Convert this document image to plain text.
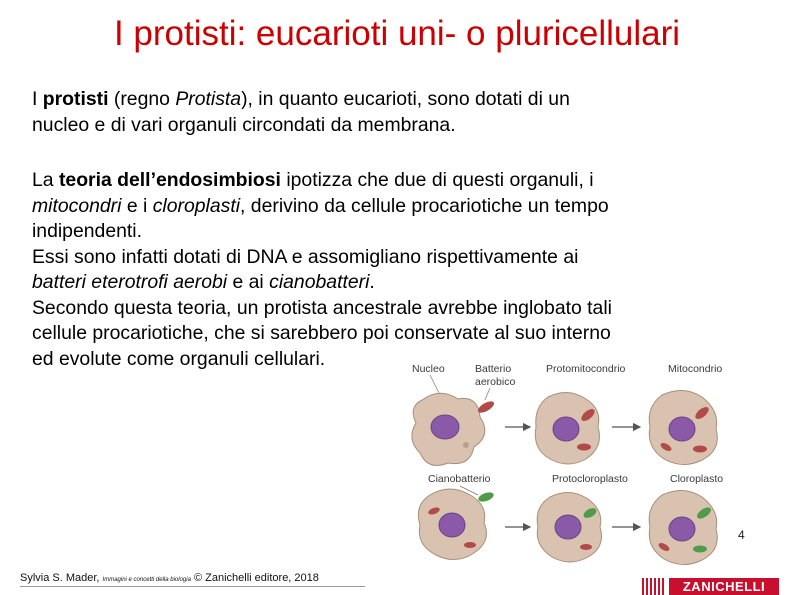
I protisti: eucarioti uni- o pluricellulari
I protisti (regno Protista), in quanto eucarioti, sono dotati di un
nucleo e di vari organuli circondati da membrana.
La teoria dell’endosimbiosi ipotizza che due di questi organuli, i
mitocondri e i cloroplasti, derivino da cellule procariotiche un tempo
indipendenti.
Essi sono infatti dotati di DNA e assomigliano rispettivamente ai
batteri eterotrofi aerobi e ai cianobatteri.
Secondo questa teoria, un protista ancestrale avrebbe inglobato tali
cellule procariotiche, che si sarebbero poi conservate al suo interno
ed evolute come organuli cellulari.	Nucleo	Batterio
aerobico
Protomitocondrio	Mitocondrio
Cianobatterio	Protocloroplasto	Cloroplasto
4
Sylvia S. Mader, Immagini e concetti della biologia © Zanichelli editore, 2018
ZANICHELLI
